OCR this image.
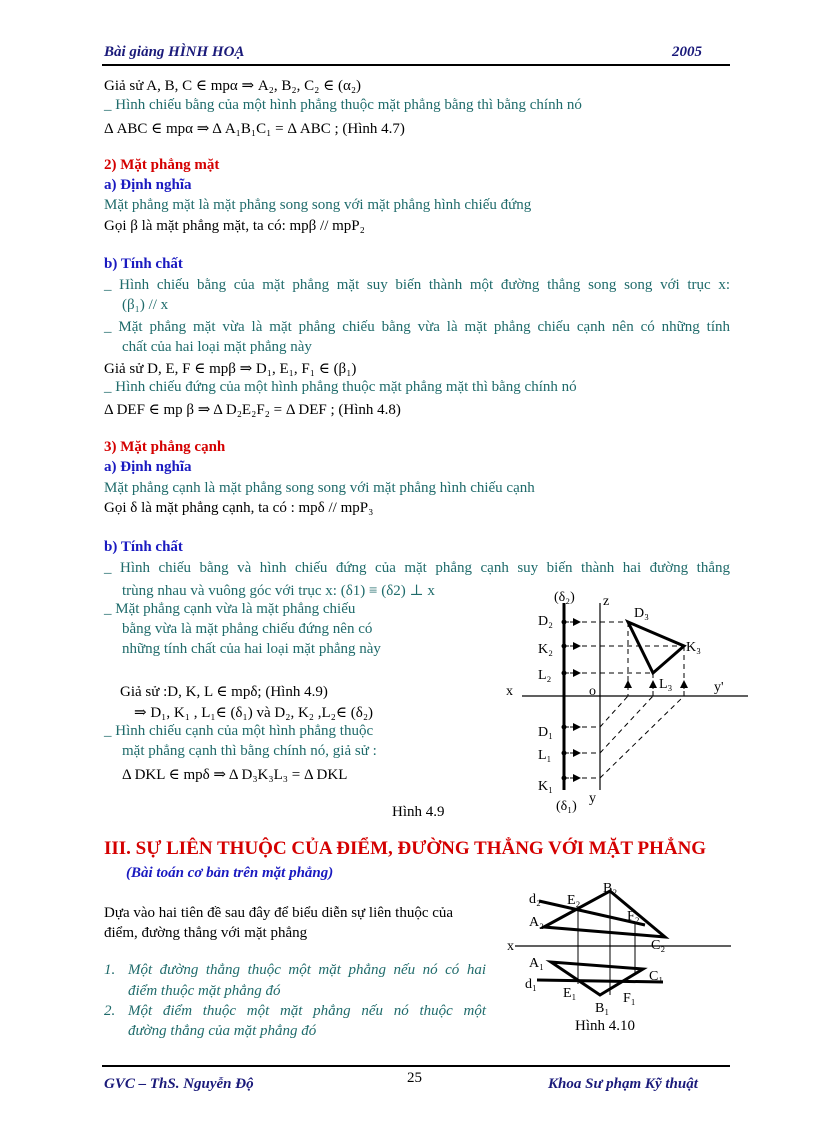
Bài giảng HÌNH HOẠ	2005
Giả sử A, B, C ∈ mpα ⇒ A₂, B₂, C₂ ∈ (α₂)
_ Hình chiếu bằng của một hình phẳng thuộc mặt phẳng bằng thì bằng chính nó
Δ ABC ∈ mpα ⇒ Δ A₁B₁C₁ = Δ ABC ; (Hình 4.7)
2) Mặt phẳng mặt
a) Định nghĩa
Mặt phẳng mặt là mặt phẳng song song với mặt phẳng hình chiếu đứng
Gọi β là mặt phẳng mặt, ta có: mpβ // mpP₂
b) Tính chất
_ Hình chiếu bằng của mặt phẳng mặt suy biến thành một đường thẳng song song với trục x:
(β₁) // x
_ Mặt phẳng mặt vừa là mặt phẳng chiếu bằng vừa là mặt phẳng chiếu cạnh nên có những tính
chất của hai loại mặt phẳng này
Giả sử D, E, F ∈ mpβ ⇒ D₁, E₁, F₁ ∈ (β₁)
_ Hình chiếu đứng của một hình phẳng thuộc mặt phẳng mặt thì bằng chính nó
Δ DEF ∈ mp β ⇒ Δ D₂E₂F₂ = Δ DEF ; (Hình 4.8)
3) Mặt phẳng cạnh
a) Định nghĩa
Mặt phẳng cạnh là mặt phẳng song song với mặt phẳng hình chiếu cạnh
Gọi δ là mặt phẳng cạnh, ta có : mpδ // mpP₃
b) Tính chất
_ Hình chiếu bằng và hình chiếu đứng của mặt phẳng cạnh suy biến thành hai đường thẳng
trùng nhau và vuông góc với trục x: (δ1) ≡ (δ2) ⊥ x
_ Mặt phẳng cạnh vừa là mặt phẳng chiếu
bằng vừa là mặt phẳng chiếu đứng nên có
những tính chất của hai loại mặt phẳng này
Giả sử :D, K, L ∈ mpδ; (Hình 4.9)
⇒ D₁, K₁ , L₁∈ (δ₁) và D₂, K₂ ,L₂∈ (δ₂)
_ Hình chiếu cạnh của một hình phẳng thuộc
mặt phẳng cạnh thì bằng chính nó, giả sử :
Δ DKL ∈ mpδ ⇒ Δ D₃K₃L₃ = Δ DKL
Hình 4.9
(δ₂) z
D₂
K₂
L₂
D₃
K₃
L₃
x	o	y'
D₁
L₁
K₁
(δ₁)
y
III. SỰ LIÊN THUỘC CỦA ĐIỂM, ĐƯỜNG THẲNG VỚI MẶT PHẲNG
(Bài toán cơ bản trên mặt phẳng)
Dựa vào hai tiên đề sau đây để biểu diễn sự liên thuộc của
điểm, đường thẳng với mặt phẳng
1. Một đường thẳng thuộc một mặt phẳng nếu nó có hai
điểm thuộc mặt phẳng đó
2. Một điểm thuộc một mặt phẳng nếu nó thuộc một
đường thẳng của mặt phẳng đó
d₂ E₂
B₂
A₂	F₂
C₂
x
A₁
C₁
d₁
E₁	F₁
B₁
Hình 4.10
GVC – ThS. Nguyễn Độ	25	Khoa Sư phạm Kỹ thuật
